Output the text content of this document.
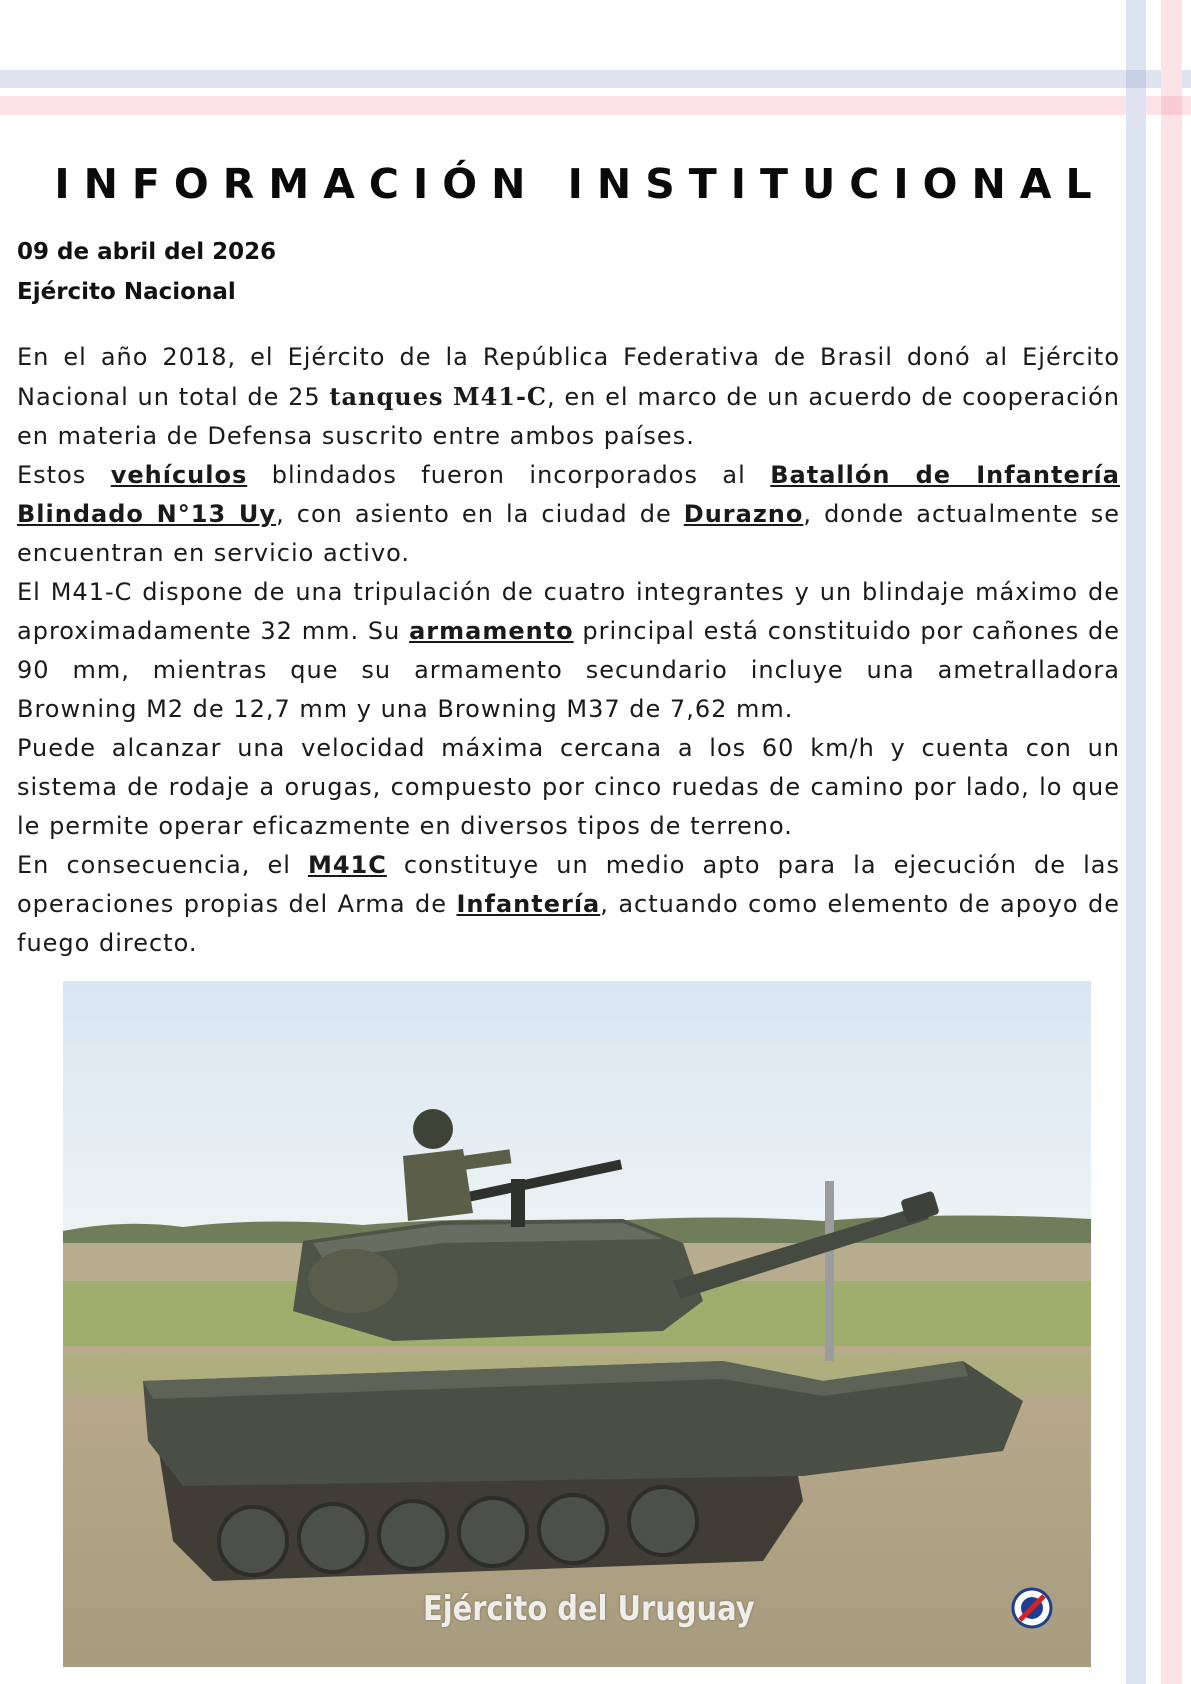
INFORMACIÓN INSTITUCIONAL
09 de abril del 2026
Ejército Nacional

En el año 2018, el Ejército de la República Federativa de Brasil donó al Ejército Nacional un total de 25 tanques M41-C, en el marco de un acuerdo de cooperación en materia de Defensa suscrito entre ambos países.

Estos vehículos blindados fueron incorporados al Batallón de Infantería Blindado N°13 Uy, con asiento en la ciudad de Durazno, donde actualmente se encuentran en servicio activo.

El M41-C dispone de una tripulación de cuatro integrantes y un blindaje máximo de aproximadamente 32 mm. Su armamento principal está constituido por cañones de 90 mm, mientras que su armamento secundario incluye una ametralladora Browning M2 de 12,7 mm y una Browning M37 de 7,62 mm.

Puede alcanzar una velocidad máxima cercana a los 60 km/h y cuenta con un sistema de rodaje a orugas, compuesto por cinco ruedas de camino por lado, lo que le permite operar eficazmente en diversos tipos de terreno.

En consecuencia, el M41C constituye un medio apto para la ejecución de las operaciones propias del Arma de Infantería, actuando como elemento de apoyo de fuego directo.

Ejército del Uruguay
